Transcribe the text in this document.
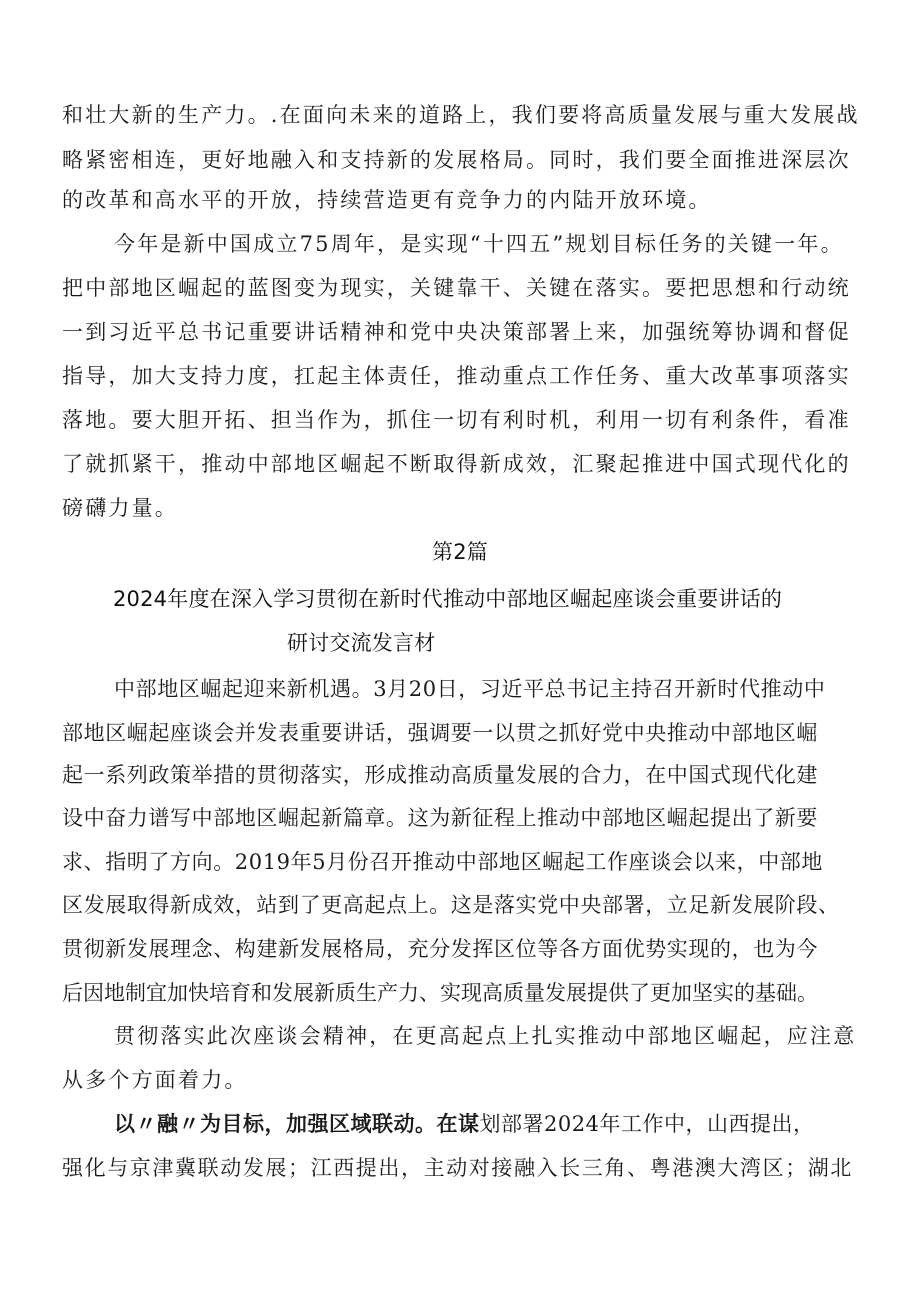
和壮大新的生产力。.在面向未来的道路上，我们要将高质量发展与重大发展战
略紧密相连，更好地融入和支持新的发展格局。同时，我们要全面推进深层次
的改革和高水平的开放，持续营造更有竞争力的内陆开放环境。
今年是新中国成立75周年，是实现“十四五”规划目标任务的关键一年。
把中部地区崛起的蓝图变为现实，关键靠干、关键在落实。要把思想和行动统
一到习近平总书记重要讲话精神和党中央决策部署上来，加强统筹协调和督促
指导，加大支持力度，扛起主体责任，推动重点工作任务、重大改革事项落实
落地。要大胆开拓、担当作为，抓住一切有利时机，利用一切有利条件，看准
了就抓紧干，推动中部地区崛起不断取得新成效，汇聚起推进中国式现代化的
磅礴力量。
第2篇
2024年度在深入学习贯彻在新时代推动中部地区崛起座谈会重要讲话的
研讨交流发言材
中部地区崛起迎来新机遇。3月20日，习近平总书记主持召开新时代推动中
部地区崛起座谈会并发表重要讲话，强调要一以贯之抓好党中央推动中部地区崛
起一系列政策举措的贯彻落实，形成推动高质量发展的合力，在中国式现代化建
设中奋力谱写中部地区崛起新篇章。这为新征程上推动中部地区崛起提出了新要
求、指明了方向。2019年5月份召开推动中部地区崛起工作座谈会以来，中部地
区发展取得新成效，站到了更高起点上。这是落实党中央部署，立足新发展阶段、
贯彻新发展理念、构建新发展格局，充分发挥区位等各方面优势实现的，也为今
后因地制宜加快培育和发展新质生产力、实现高质量发展提供了更加坚实的基础。
贯彻落实此次座谈会精神，在更高起点上扎实推动中部地区崛起，应注意
从多个方面着力。
以〃融〃为目标，加强区域联动。在谋划部署2024年工作中，山西提出，
强化与京津冀联动发展；江西提出，主动对接融入长三角、粤港澳大湾区；湖北
